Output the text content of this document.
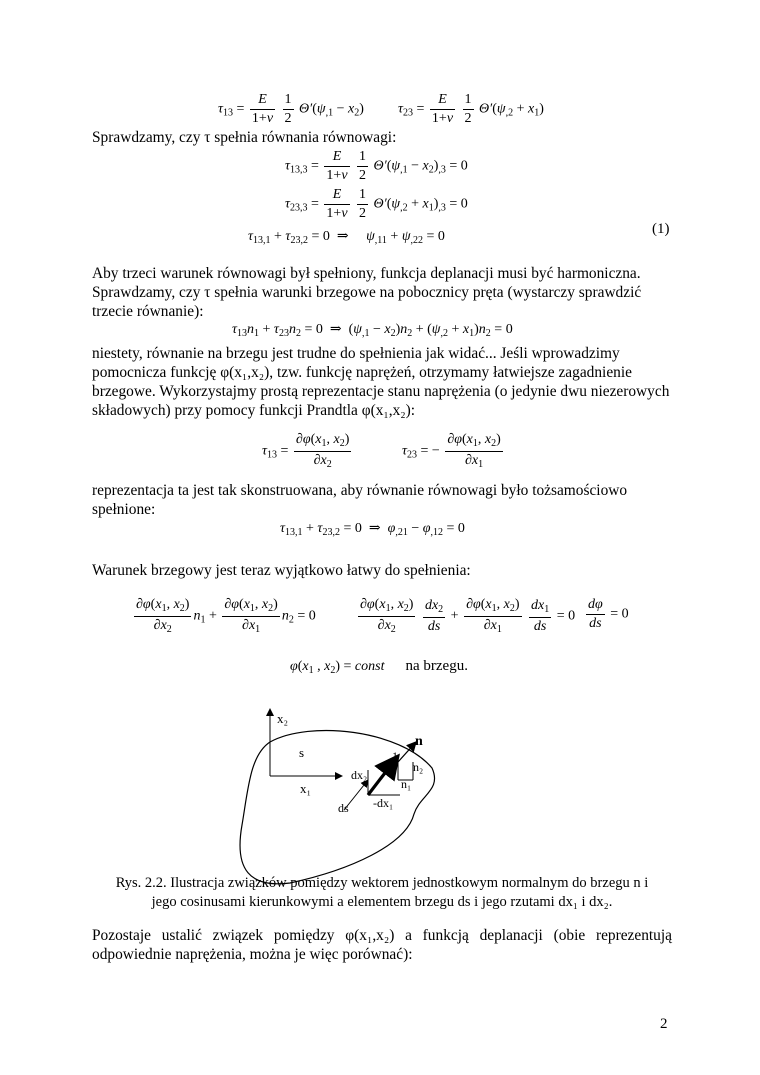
$\tau_{13} = \frac{E}{1+\nu}$
$\frac{1}{2} \Theta'(\psi_{,1} - x_2) \tau_{23} = \frac{E}{1+\nu}$
$\frac{1}{2} \Theta'(\psi_{,2} + x_1)$
Sprawdzamy, czy τ spełnia równania równowagi:
$\tau_{13,3} = \frac{E}{1+\nu}$
$\frac{1}{2} \Theta'(\psi_{,1} - x_2)_{,3} = 0$
$\tau_{23,3} = \frac{E}{1+\nu}$
$\frac{1}{2} \Theta'(\psi_{,2} + x_1)_{,3} = 0$
$\tau_{13,1} + \tau_{23,2} = 0$  ⇒     $\psi_{,11} + \psi_{,22} = 0$	(1)
Aby trzeci warunek równowagi był spełniony, funkcja deplanacji musi być harmoniczna.
Sprawdzamy, czy τ spełnia warunki brzegowe na pobocznicy pręta (wystarczy sprawdzić trzecie równanie):
$\tau_{13}n_1 + \tau_{23}n_2 = 0$  ⇒  $(\psi_{,1} - x_2)n_2 + (\psi_{,2} + x_1)n_2 = 0$
niestety, równanie na brzegu jest trudne do spełnienia jak widać... Jeśli wprowadzimy pomocnicza funkcję φ(x₁,x₂), tzw. funkcję naprężeń, otrzymamy łatwiejsze zagadnienie brzegowe. Wykorzystajmy prostą reprezentacje stanu naprężenia (o jedynie dwu niezerowych składowych) przy pomocy funkcji Prandtla φ(x₁,x₂):
$\tau_{13} = \frac{\partial\varphi(x_1, x_2)}{\partial x_2}$	$\tau_{23}$ = − $\frac{\partial\varphi(x_1, x_2)}{\partial x_1}$
reprezentacja ta jest tak skonstruowana, aby równanie równowagi było tożsamościowo spełnione:
$\tau_{13,1} + \tau_{23,2} = 0$  ⇒  $\varphi_{,21} - \varphi_{,12} = 0$
Warunek brzegowy jest teraz wyjątkowo łatwy do spełnienia:
$\frac{\partial\varphi(x_1, x_2)}{\partial x_2} n_1 + \frac{\partial\varphi(x_1, x_2)}{\partial x_1} n_2 = 0$	$\frac{\partial\varphi(x_1, x_2)}{\partial x_2}$
$\frac{dx_2}{ds} + \frac{\partial\varphi(x_1, x_2)}{\partial x_1}$
$\frac{dx_1}{ds} = 0 \frac{d\varphi}{ds} = 0$
$\varphi(x_1$ , $x_2$) = const na brzegu.
x₂
x₁
s
n
1
n₂
n₁
dx₂
-dx₁
ds
Rys. 2.2. Ilustracja związków pomiędzy wektorem jednostkowym normalnym do brzegu n i
jego cosinusami kierunkowymi a elementem brzegu ds i jego rzutami dx₁ i dx₂.
Pozostaje ustalić związek pomiędzy φ(x₁,x₂) a funkcją deplanacji (obie reprezentują odpowiednie naprężenia, można je więc porównać):
2
